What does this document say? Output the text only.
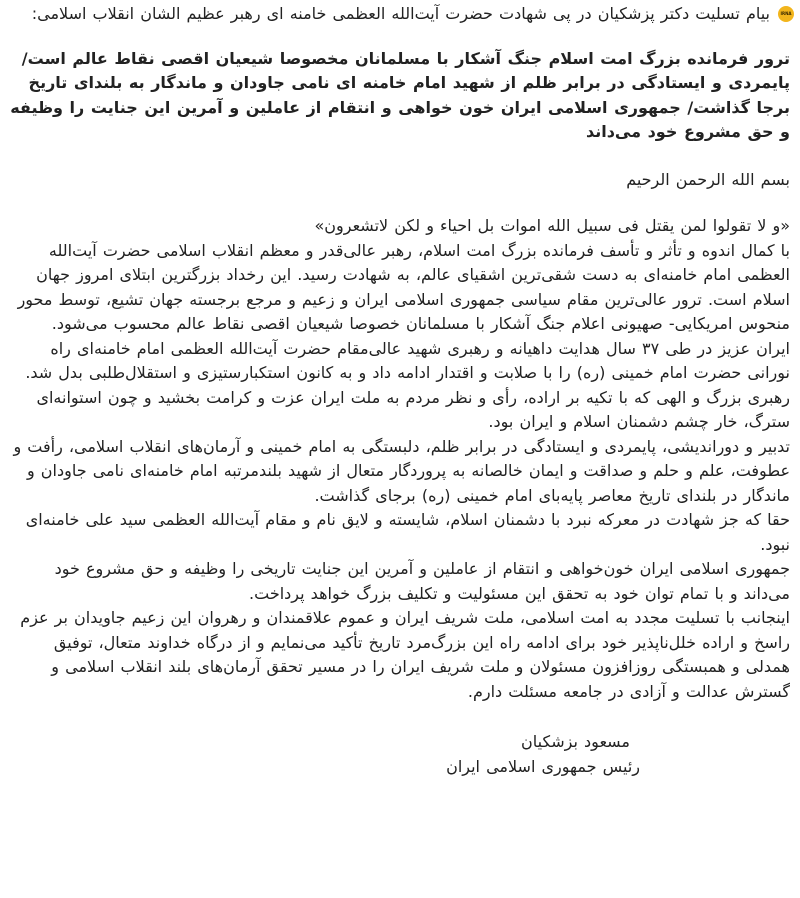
IRNA
بیام تسلیت دکتر پزشکیان در پی شهادت حضرت آیت‌الله العظمی خامنه ای رهبر عظیم الشان انقلاب اسلامی:
ترور فرمانده بزرگ امت اسلام جنگ آشکار با مسلمانان مخصوصا شیعیان اقصی نقاط عالم است/ پایمردی و ایستادگی در برابر ظلم از شهید امام خامنه ای نامی جاودان و ماندگار به بلندای تاریخ برجا گذاشت/ جمهوری اسلامی ایران خون خواهی و انتقام از عاملین و آمرین این جنایت را وظیفه و حق مشروع خود می‌داند
بسم الله الرحمن الرحیم

«و لا تقولوا لمن یقتل فی سبیل الله اموات بل احیاء و لکن لاتشعرون»

با کمال اندوه و تأثر و تأسف فرمانده بزرگ امت اسلام، رهبر عالی‌قدر و معظم انقلاب اسلامی حضرت آیت‌الله العظمی امام خامنه‌ای به دست شقی‌ترین اشقیای عالم، به شهادت رسید. این رخداد بزرگترین ابتلای امروز جهان اسلام است. ترور عالی‌ترین مقام سیاسی جمهوری اسلامی ایران و زعیم و مرجع برجسته جهان تشیع، توسط محور منحوس امریکایی- صهیونی اعلام جنگ آشکار با مسلمانان خصوصا شیعیان اقصی نقاط عالم محسوب می‌شود.

ایران عزیز در طی ۳۷ سال هدایت داهیانه و رهبری شهید عالی‌مقام حضرت آیت‌الله العظمی امام خامنه‌ای راه نورانی حضرت امام خمینی (ره) را با صلابت و اقتدار ادامه داد و به کانون استکبارستیزی و استقلال‌طلبی بدل شد. رهبری بزرگ و الهی که با تکیه بر اراده، رأی و نظر مردم به ملت ایران عزت و کرامت بخشید و چون استوانه‌ای سترگ، خار چشم دشمنان اسلام و ایران بود.

تدبیر و دوراندیشی، پایمردی و ایستادگی در برابر ظلم، دلبستگی به امام خمینی و آرمان‌های انقلاب اسلامی، رأفت و عطوفت، علم و حلم و صداقت و ایمان خالصانه به پروردگار متعال از شهید بلندمرتبه امام خامنه‌ای نامی جاودان و ماندگار در بلندای تاریخ معاصر پایه‌بای امام خمینی (ره) برجای گذاشت.

حقا که جز شهادت در معرکه نبرد با دشمنان اسلام، شایسته و لایق نام و مقام آیت‌الله العظمی سید علی خامنه‌ای نبود.

جمهوری اسلامی ایران خون‌خواهی و انتقام از عاملین و آمرین این جنایت تاریخی را وظیفه و حق مشروع خود می‌داند و با تمام توان خود به تحقق این مسئولیت و تکلیف بزرگ خواهد پرداخت.

اینجانب با تسلیت مجدد به امت اسلامی، ملت شریف ایران و عموم علاقمندان و رهروان این زعیم جاویدان بر عزم راسخ و اراده خلل‌ناپذیر خود برای ادامه راه این بزرگ‌مرد تاریخ تأکید می‌نمایم و از درگاه خداوند متعال، توفیق همدلی و همبستگی روزافزون مسئولان و ملت شریف ایران را در مسیر تحقق آرمان‌های بلند انقلاب اسلامی و گسترش عدالت و آزادی در جامعه مسئلت دارم.

مسعود بزشکیان
رئیس جمهوری اسلامی ایران
